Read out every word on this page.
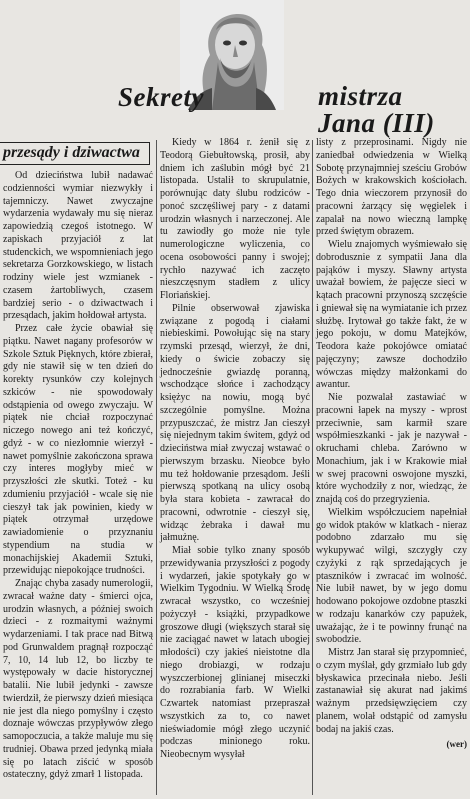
Sekrety	mistrza
Jana (III)
przesądy i dziwactwa

Od dzieciństwa lubił nadawać codzienności wymiar niezwykły i tajemniczy. Nawet zwyczajne wydarzenia wydawały mu się nieraz zapowiedzią czegoś istotnego. W zapiskach przyjaciół z lat studenckich, we wspomnieniach jego sekretarza Gorzkowskiego, w listach rodziny wiele jest wzmianek - czasem żartobliwych, czasem bardziej serio - o dziwactwach i przesądach, jakim hołdował artysta.

Przez całe życie obawiał się piątku. Nawet nagany profesorów w Szkole Sztuk Pięknych, które zbierał, gdy nie stawił się w ten dzień do korekty rysunków czy kolejnych szkiców - nie spowodowały odstąpienia od owego zwyczaju. W piątek nie chciał rozpoczynać niczego nowego ani też kończyć, gdyż - w co niezłomnie wierzył - nawet pomyślnie zakończona sprawa czy interes mogłyby mieć w przyszłości złe skutki. Toteż - ku zdumieniu przyjaciół - wcale się nie cieszył tak jak powinien, kiedy w piątek otrzymał urzędowe zawiadomienie o przyznaniu stypendium na studia w monachijskiej Akademii Sztuki, przewidując niepokojące trudności.

Znając chyba zasady numerologii, zwracał ważne daty - śmierci ojca, urodzin własnych, a później swoich dzieci - z rozmaitymi ważnymi wydarzeniami. I tak prace nad Bitwą pod Grunwaldem pragnął rozpocząć 7, 10, 14 lub 12, bo liczby te występowały w dacie historycznej batalii. Nie lubił jedynki - zawsze twierdził, że pierwszy dzień miesiąca nie jest dla niego pomyślny i często doznaje wówczas przypływów złego samopoczucia, a także maluje mu się trudniej. Obawa przed jedynką miała się po latach ziścić w sposób ostateczny, gdyż zmarł 1 listopada.

Kiedy w 1864 r. żenił się z Teodorą Giebułtowską, prosił, aby dniem ich zaślubin mógł być 21 listopada. Ustalił to skrupulatnie, porównując daty ślubu rodziców - ponoć szczęśliwej pary - z datami urodzin własnych i narzeczonej. Ale tu zawiodły go może nie tyle numerologiczne wyliczenia, co ocena osobowości panny i swojej; rychło nazywać ich zaczęto nieszczęsnym stadłem z ulicy Floriańskiej.

Pilnie obserwował zjawiska związane z pogodą i ciałami niebieskimi. Powołując się na stary rzymski przesąd, wierzył, że dni, kiedy o świcie zobaczy się jednocześnie gwiazdę poranną, wschodzące słońce i zachodzący księżyc na nowiu, mogą być szczególnie pomyślne. Można przypuszczać, że mistrz Jan cieszył się niejednym takim świtem, gdyż od dzieciństwa miał zwyczaj wstawać o pierwszym brzasku. Nieobce było mu też hołdowanie przesądom. Jeśli pierwszą spotkaną na ulicy osobą była stara kobieta - zawracał do pracowni, odwrotnie - cieszył się, widząc żebraka i dawał mu jałmużnę.

Miał sobie tylko znany sposób przewidywania przyszłości z pogody i wydarzeń, jakie spotykały go w Wielkim Tygodniu. W Wielką Środę zwracał wszystko, co wcześniej pożyczył - książki, przypadkowe groszowe długi (większych starał się nie zaciągać nawet w latach ubogiej młodości) czy jakieś nieistotne dla niego drobiazgi, w rodzaju wyszczerbionej glinianej miseczki do rozrabiania farb. W Wielki Czwartek natomiast przepraszał wszystkich za to, co nawet nieświadomie mógł złego uczynić podczas minionego roku. Nieobecnym wysyłał

listy z przeprosinami. Nigdy nie zaniedbał odwiedzenia w Wielką Sobotę przynajmniej sześciu Grobów Bożych w krakowskich kościołach. Tego dnia wieczorem przynosił do pracowni żarzący się węgielek i zapalał na nowo wieczną lampkę przed świętym obrazem.

Wielu znajomych wyśmiewało się dobrodusznie z sympatii Jana dla pająków i myszy. Sławny artysta uważał bowiem, że pajęcze sieci w kątach pracowni przynoszą szczęście i gniewał się na wymiatanie ich przez służbę. Irytował go także fakt, że w jego pokoju, w domu Matejków, Teodora każe pokojówce omiatać pajęczyny; zawsze dochodziło wówczas między małżonkami do awantur.

Nie pozwalał zastawiać w pracowni łapek na myszy - wprost przeciwnie, sam karmił szare współmieszkanki - jak je nazywał - okruchami chleba. Zarówno w Monachium, jak i w Krakowie miał w swej pracowni oswojone myszki, które wychodziły z nor, wiedząc, że znajdą coś do przegryzienia.

Wielkim współczuciem napełniał go widok ptaków w klatkach - nieraz podobno zdarzało mu się wykupywać wilgi, szczygły czy czyżyki z rąk sprzedających je ptaszników i zwracać im wolność. Nie lubił nawet, by w jego domu hodowano pokojowe ozdobne ptaszki w rodzaju kanarków czy papużek, uważając, że i te powinny frunąć na swobodzie.

Mistrz Jan starał się przypomnieć, o czym myślał, gdy grzmiało lub gdy błyskawica przecinała niebo. Jeśli zastanawiał się akurat nad jakimś ważnym przedsięwzięciem czy planem, wolał odstąpić od zamysłu bodaj na jakiś czas.

(wer)
